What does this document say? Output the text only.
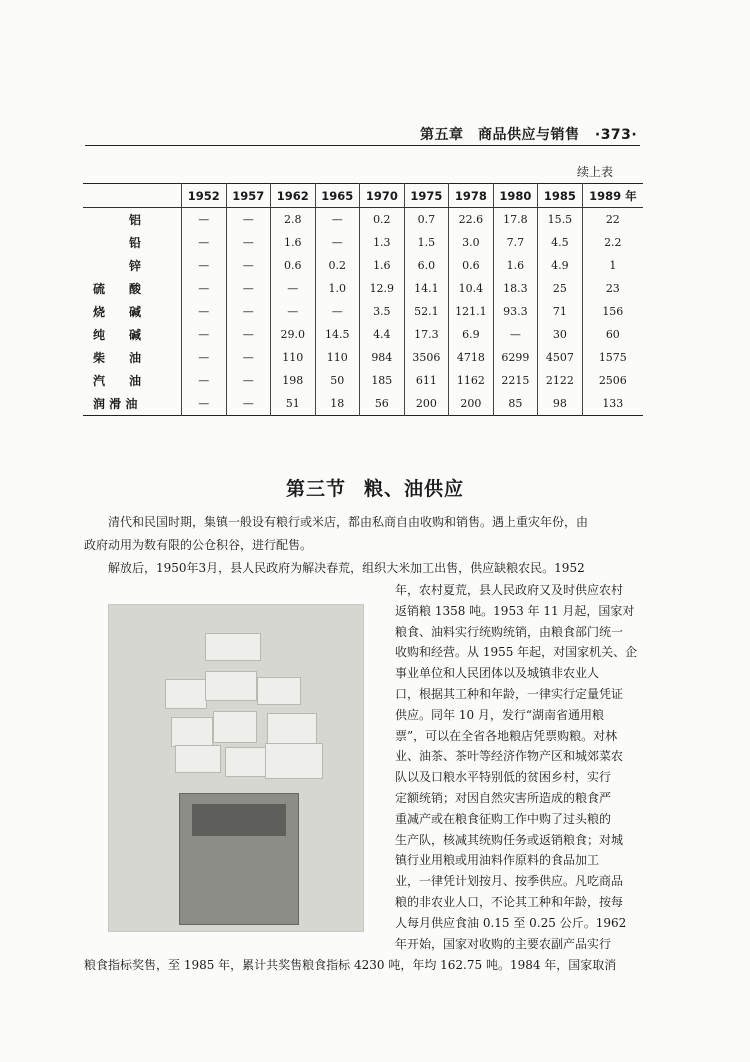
第五章　商品供应与销售 ·373·
续上表
	1952	1957	1962	1965	1970	1975	1978	1980	1985	1989 年
铝	—	—	2.8	—	0.2	0.7	22.6	17.8	15.5	22
铅	—	—	1.6	—	1.3	1.5	3.0	7.7	4.5	2.2
锌	—	—	0.6	0.2	1.6	6.0	0.6	1.6	4.9	1
硫　　酸	—	—	—	1.0	12.9	14.1	10.4	18.3	25	23
烧　　碱	—	—	—	—	3.5	52.1	121.1	93.3	71	156
纯　　碱	—	—	29.0	14.5	4.4	17.3	6.9	—	30	60
柴　　油	—	—	110	110	984	3506	4718	6299	4507	1575
汽　　油	—	—	198	50	185	611	1162	2215	2122	2506
润 滑 油	—	—	51	18	56	200	200	85	98	133
第三节 粮、油供应
清代和民国时期，集镇一般设有粮行或米店，都由私商自由收购和销售。遇上重灾年份，由
政府动用为数有限的公仓积谷，进行配售。
解放后，1950年3月，县人民政府为解决春荒，组织大米加工出售，供应缺粮农民。1952
年，农村夏荒，县人民政府又及时供应农村
返销粮 1358 吨。1953 年 11 月起，国家对
粮食、油料实行统购统销，由粮食部门统一
收购和经营。从 1955 年起，对国家机关、企
事业单位和人民团体以及城镇非农业人
口，根据其工种和年龄，一律实行定量凭证
供应。同年 10 月，发行“湖南省通用粮
票”，可以在全省各地粮店凭票购粮。对林
业、油茶、茶叶等经济作物产区和城郊菜农
队以及口粮水平特别低的贫困乡村，实行
定额统销；对因自然灾害所造成的粮食严
重减产或在粮食征购工作中购了过头粮的
生产队，核减其统购任务或返销粮食；对城
镇行业用粮或用油料作原料的食品加工
业，一律凭计划按月、按季供应。凡吃商品
粮的非农业人口，不论其工种和年龄，按每
人每月供应食油 0.15 至 0.25 公斤。1962
年开始，国家对收购的主要农副产品实行
粮食指标奖售，至 1985 年，累计共奖售粮食指标 4230 吨，年均 162.75 吨。1984 年，国家取消
